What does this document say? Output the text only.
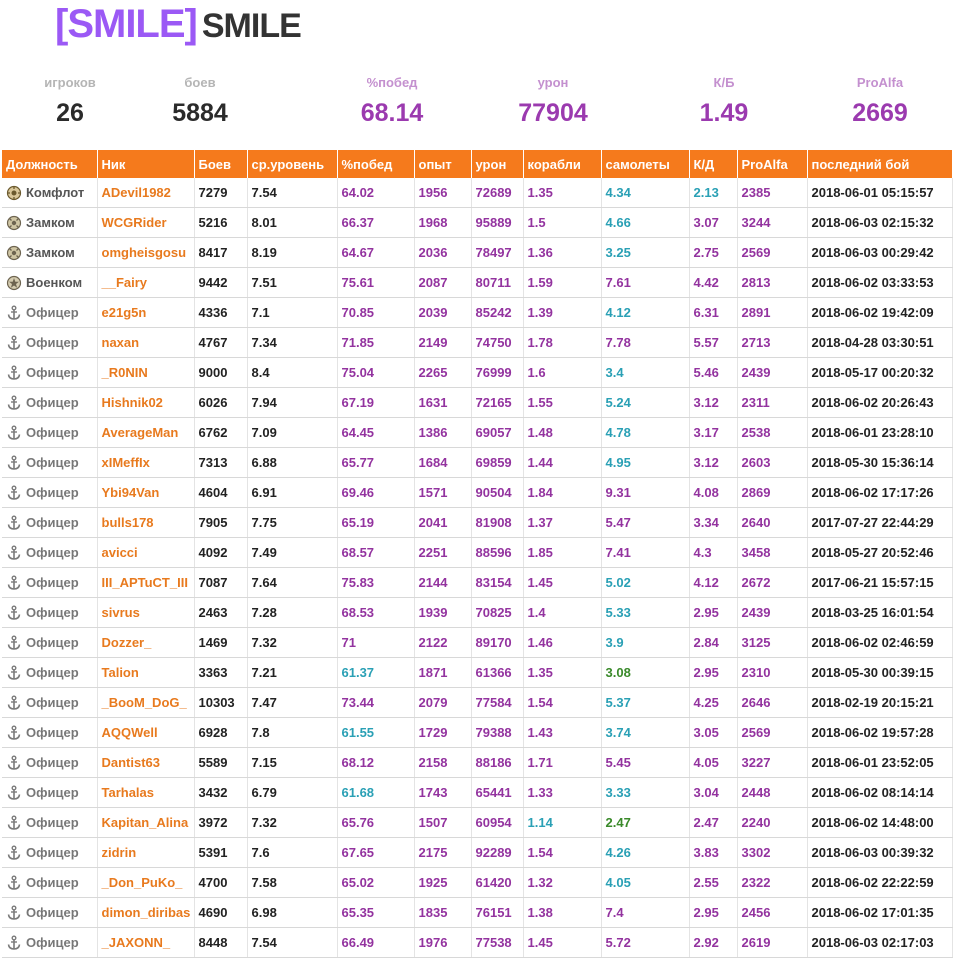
[SMILE] SMILE
игроков
26
боев
5884
%побед
68.14
урон
77904
К/Б
1.49
ProAlfa
2669
Должность	Ник	Боев	ср.уровень	%побед	опыт	урон	корабли	самолеты	К/Д	ProAlfa	последний бой

Комфлот	ADevil1982	7279	7.54	64.02	1956	72689	1.35	4.34	2.13	2385	2018-06-01 05:15:57

Замком	WCGRider	5216	8.01	66.37	1968	95889	1.5	4.66	3.07	3244	2018-06-03 02:15:32

Замком	omgheisgosu	8417	8.19	64.67	2036	78497	1.36	3.25	2.75	2569	2018-06-03 00:29:42

Военком	__Fairy	9442	7.51	75.61	2087	80711	1.59	7.61	4.42	2813	2018-06-02 03:33:53

Офицер	e21g5n	4336	7.1	70.85	2039	85242	1.39	4.12	6.31	2891	2018-06-02 19:42:09

Офицер	naxan	4767	7.34	71.85	2149	74750	1.78	7.78	5.57	2713	2018-04-28 03:30:51

Офицер	_R0NIN	9000	8.4	75.04	2265	76999	1.6	3.4	5.46	2439	2018-05-17 00:20:32

Офицер	Hishnik02	6026	7.94	67.19	1631	72165	1.55	5.24	3.12	2311	2018-06-02 20:26:43

Офицер	AverageMan	6762	7.09	64.45	1386	69057	1.48	4.78	3.17	2538	2018-06-01 23:28:10

Офицер	xIMeffIx	7313	6.88	65.77	1684	69859	1.44	4.95	3.12	2603	2018-05-30 15:36:14

Офицер	Ybi94Van	4604	6.91	69.46	1571	90504	1.84	9.31	4.08	2869	2018-06-02 17:17:26

Офицер	bulls178	7905	7.75	65.19	2041	81908	1.37	5.47	3.34	2640	2017-07-27 22:44:29

Офицер	avicci	4092	7.49	68.57	2251	88596	1.85	7.41	4.3	3458	2018-05-27 20:52:46

Офицер	III_APTuCT_III	7087	7.64	75.83	2144	83154	1.45	5.02	4.12	2672	2017-06-21 15:57:15

Офицер	sivrus	2463	7.28	68.53	1939	70825	1.4	5.33	2.95	2439	2018-03-25 16:01:54

Офицер	Dozzer_	1469	7.32	71	2122	89170	1.46	3.9	2.84	3125	2018-06-02 02:46:59

Офицер	Talion	3363	7.21	61.37	1871	61366	1.35	3.08	2.95	2310	2018-05-30 00:39:15

Офицер	_BooM_DoG_	10303	7.47	73.44	2079	77584	1.54	5.37	4.25	2646	2018-02-19 20:15:21

Офицер	AQQWell	6928	7.8	61.55	1729	79388	1.43	3.74	3.05	2569	2018-06-02 19:57:28

Офицер	Dantist63	5589	7.15	68.12	2158	88186	1.71	5.45	4.05	3227	2018-06-01 23:52:05

Офицер	Tarhalas	3432	6.79	61.68	1743	65441	1.33	3.33	3.04	2448	2018-06-02 08:14:14

Офицер	Kapitan_Alina	3972	7.32	65.76	1507	60954	1.14	2.47	2.47	2240	2018-06-02 14:48:00

Офицер	zidrin	5391	7.6	67.65	2175	92289	1.54	4.26	3.83	3302	2018-06-03 00:39:32

Офицер	_Don_PuKo_	4700	7.58	65.02	1925	61420	1.32	4.05	2.55	2322	2018-06-02 22:22:59

Офицер	dimon_diribas	4690	6.98	65.35	1835	76151	1.38	7.4	2.95	2456	2018-06-02 17:01:35

Офицер	_JAXONN_	8448	7.54	66.49	1976	77538	1.45	5.72	2.92	2619	2018-06-03 02:17:03
